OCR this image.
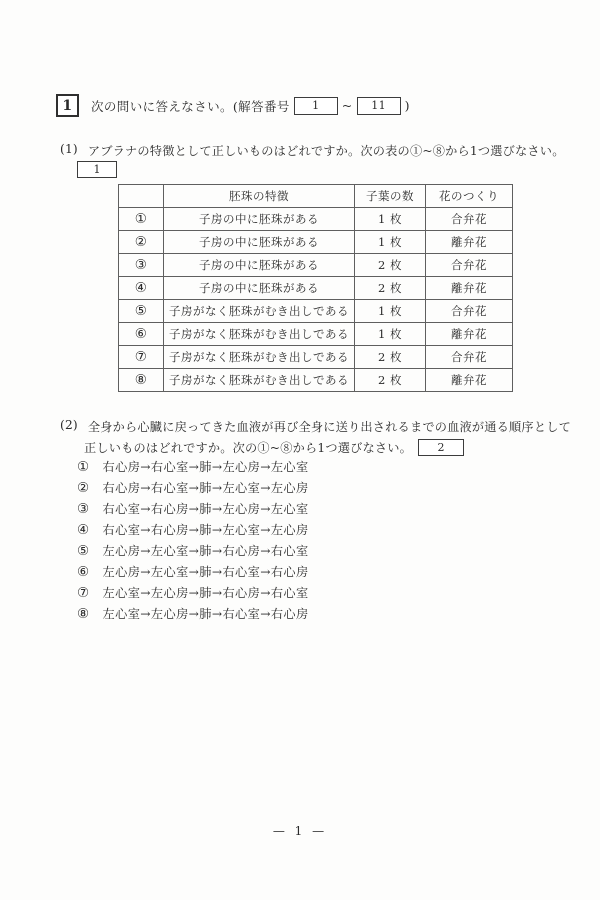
1	次の問いに答えなさい。(解答番号	1	~	11	)
(1) アブラナの特徴として正しいものはどれですか。次の表の①~⑧から1つ選びなさい。
1
	胚珠の特徴	子葉の数	花のつくり
①	子房の中に胚珠がある	1 枚	合弁花
②	子房の中に胚珠がある	1 枚	離弁花
③	子房の中に胚珠がある	2 枚	合弁花
④	子房の中に胚珠がある	2 枚	離弁花
⑤	子房がなく胚珠がむき出しである	1 枚	合弁花
⑥	子房がなく胚珠がむき出しである	1 枚	離弁花
⑦	子房がなく胚珠がむき出しである	2 枚	合弁花
⑧	子房がなく胚珠がむき出しである	2 枚	離弁花
(2) 全身から心臓に戻ってきた血液が再び全身に送り出されるまでの血液が通る順序として
正しいものはどれですか。次の①~⑧から1つ選びなさい。	2
① 右心房→右心室→肺→左心房→左心室
② 右心房→右心室→肺→左心室→左心房
③ 右心室→右心房→肺→左心房→左心室
④ 右心室→右心房→肺→左心室→左心房
⑤ 左心房→左心室→肺→右心房→右心室
⑥ 左心房→左心室→肺→右心室→右心房
⑦ 左心室→左心房→肺→右心房→右心室
⑧ 左心室→左心房→肺→右心室→右心房
— 1 —
